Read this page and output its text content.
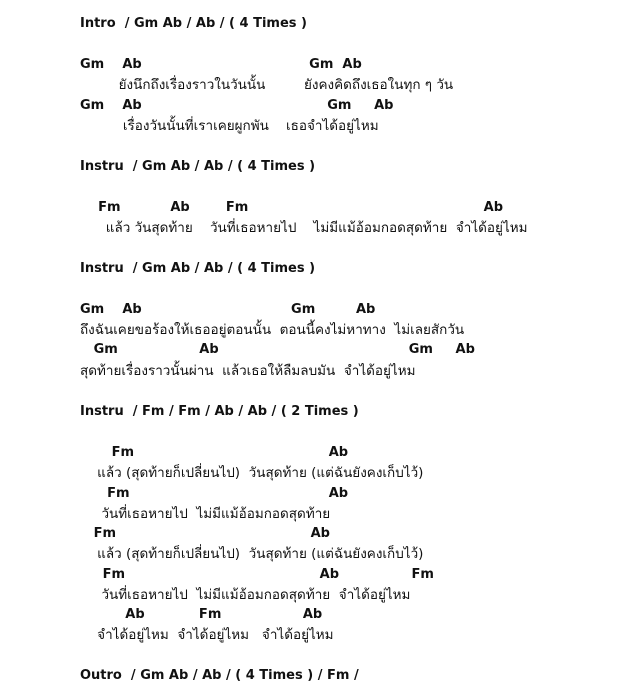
Intro  / Gm Ab / Ab / ( 4 Times )
Gm    Ab                                     Gm  Ab
ยังนึกถึงเรื่องราวในวันนั้น         ยังคงคิดถึงเธอในทุก ๆ วัน
Gm    Ab                                         Gm     Ab
เรื่องวันนั้นที่เราเคยผูกพัน    เธอจำได้อยู่ไหม
Instru  / Gm Ab / Ab / ( 4 Times )
Fm           Ab        Fm                                                    Ab
แล้ว วันสุดท้าย    วันที่เธอหายไป    ไม่มีแม้อ้อมกอดสุดท้าย  จำได้อยู่ไหม
Instru  / Gm Ab / Ab / ( 4 Times )
Gm    Ab                                 Gm         Ab
ถึงฉันเคยขอร้องให้เธออยู่ตอนนั้น  ตอนนี้คงไม่หาทาง  ไม่เลยสักวัน
Gm                  Ab                                          Gm     Ab
สุดท้ายเรื่องราวนั้นผ่าน  แล้วเธอให้ลืมลบมัน  จำได้อยู่ไหม
Instru  / Fm / Fm / Ab / Ab / ( 2 Times )
Fm                                           Ab
แล้ว (สุดท้ายก็เปลี่ยนไป)  วันสุดท้าย (แต่ฉันยังคงเก็บไว้)
Fm                                            Ab
วันที่เธอหายไป  ไม่มีแม้อ้อมกอดสุดท้าย
Fm                                           Ab
แล้ว (สุดท้ายก็เปลี่ยนไป)  วันสุดท้าย (แต่ฉันยังคงเก็บไว้)
Fm                                           Ab                Fm
วันที่เธอหายไป  ไม่มีแม้อ้อมกอดสุดท้าย  จำได้อยู่ไหม
Ab            Fm                  Ab
จำได้อยู่ไหม  จำได้อยู่ไหม   จำได้อยู่ไหม
Outro  / Gm Ab / Ab / ( 4 Times ) / Fm /
